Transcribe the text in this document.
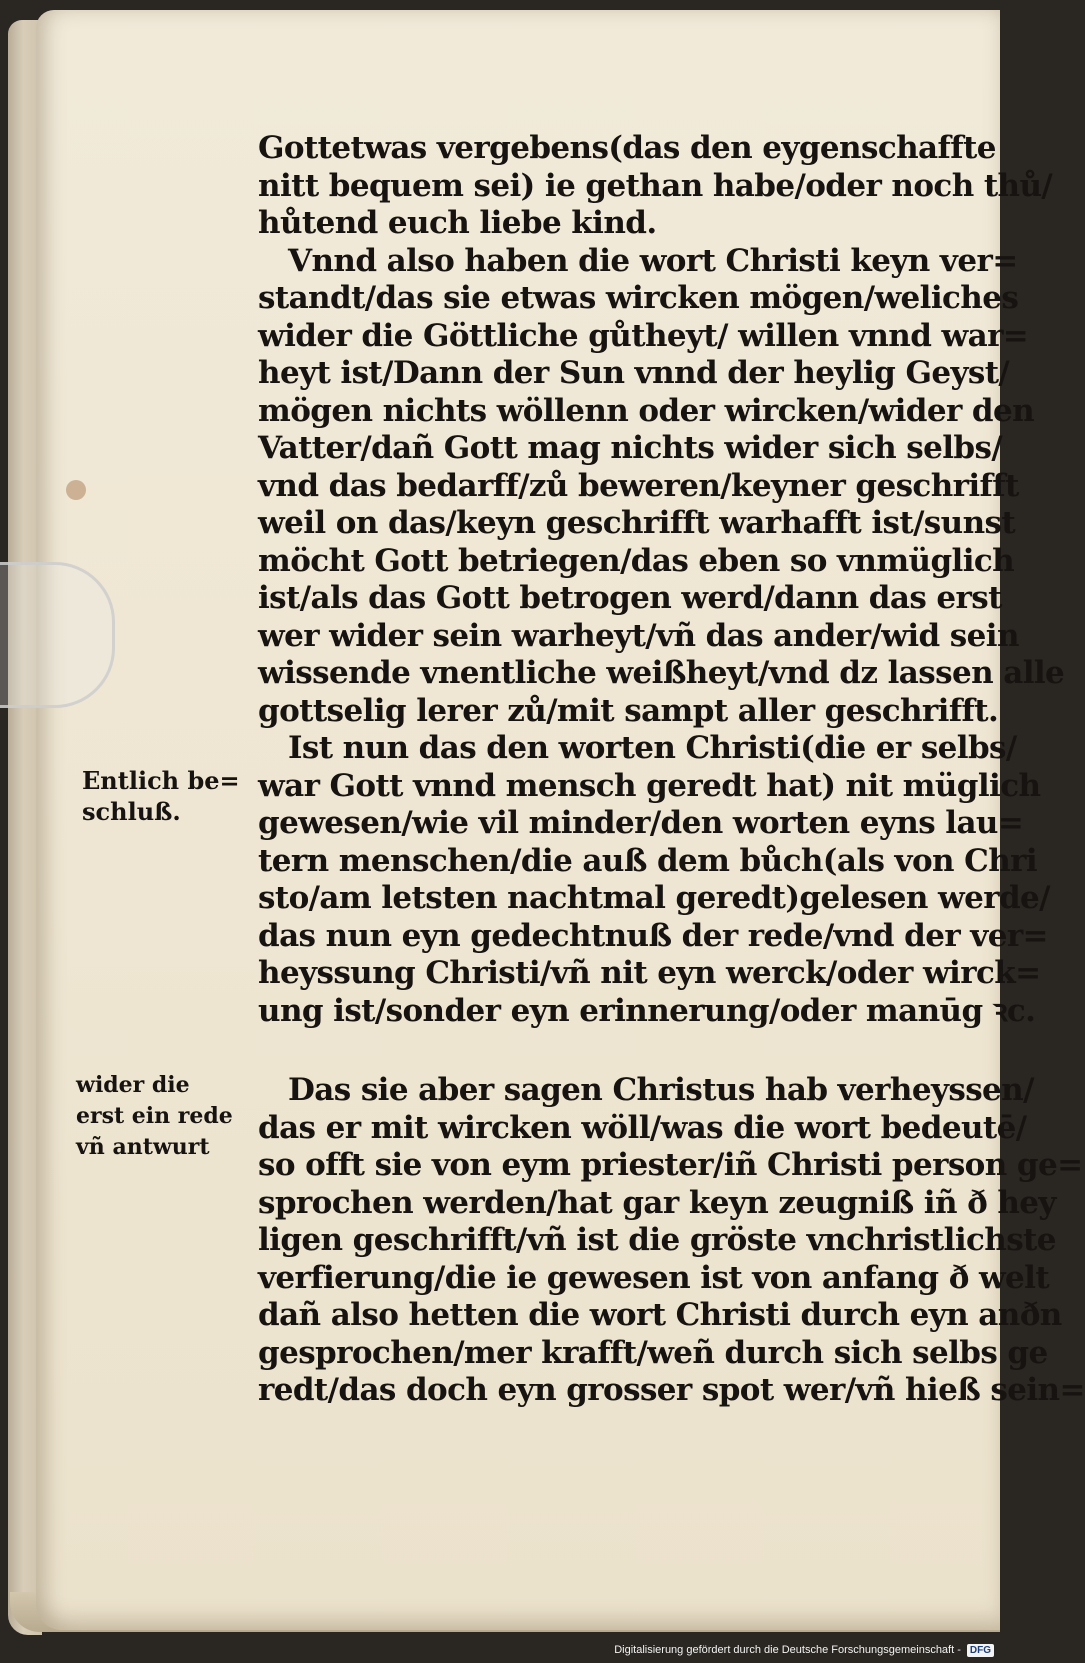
Gottetwas vergebens(das den eygenschaffte
nitt bequem sei) ie gethan habe/oder noch thů/
hůtend euch liebe kind.
Vnnd also haben die wort Christi keyn ver=
standt/das sie etwas wircken mögen/weliches
wider die Göttliche gůtheyt/ willen vnnd war=
heyt ist/Dann der Sun vnnd der heylig Geyst/
mögen nichts wöllenn oder wircken/wider den
Vatter/dañ Gott mag nichts wider sich selbs/
vnd das bedarff/zů beweren/keyner geschrifft
weil on das/keyn geschrifft warhafft ist/sunst
möcht Gott betriegen/das eben so vnmüglich
ist/als das Gott betrogen werd/dann das erst
wer wider sein warheyt/vñ das ander/wid sein
wissende vnentliche weißheyt/vnd dz lassen alle
gottselig lerer zů/mit sampt aller geschrifft.
Ist nun das den worten Christi(die er selbs/
war Gott vnnd mensch geredt hat) nit müglich
gewesen/wie vil minder/den worten eyns lau=
tern menschen/die auß dem bůch(als von Chri
sto/am letsten nachtmal geredt)gelesen werde/
das nun eyn gedechtnuß der rede/vnd der ver=
heyssung Christi/vñ nit eyn werck/oder wirck=
ung ist/sonder eyn erinnerung/oder manūg ꝛc.
Das sie aber sagen Christus hab verheyssen/
das er mit wircken wöll/was die wort bedeutē/
so offt sie von eym priester/iñ Christi person ge=
sprochen werden/hat gar keyn zeugniß iñ ð hey
ligen geschrifft/vñ ist die gröste vnchristlichste
verfierung/die ie gewesen ist von anfang ð welt
dañ also hetten die wort Christi durch eyn anðn
gesprochen/mer krafft/weñ durch sich selbs ge
redt/das doch eyn grosser spot wer/vñ hieß sein=
Entlich be=
schluß.
wider die
erst ein rede
vñ antwurt
Digitalisierung gefördert durch die Deutsche Forschungsgemeinschaft - DFG
